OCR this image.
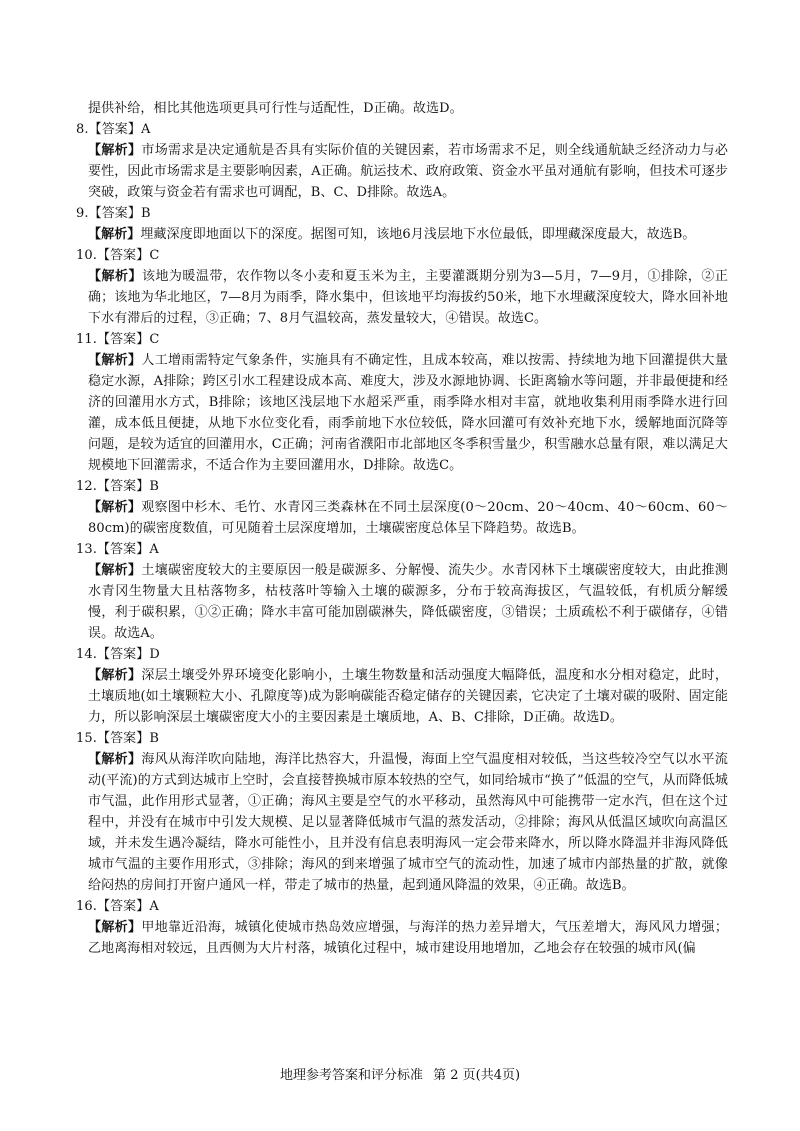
提供补给，相比其他选项更具可行性与适配性，D正确。故选D。

8.【答案】A

【解析】市场需求是决定通航是否具有实际价值的关键因素，若市场需求不足，则全线通航缺乏经济动力与必要性，因此市场需求是主要影响因素，A正确。航运技术、政府政策、资金水平虽对通航有影响，但技术可逐步突破，政策与资金若有需求也可调配，B、C、D排除。故选A。

9.【答案】B

【解析】埋藏深度即地面以下的深度。据图可知，该地6月浅层地下水位最低，即埋藏深度最大，故选B。

10.【答案】C

【解析】该地为暖温带，农作物以冬小麦和夏玉米为主，主要灌溉期分别为3—5月，7—9月，①排除，②正确；该地为华北地区，7—8月为雨季，降水集中，但该地平均海拔约50米，地下水埋藏深度较大，降水回补地下水有滞后的过程，③正确；7、8月气温较高，蒸发量较大，④错误。故选C。

11.【答案】C

【解析】人工增雨需特定气象条件，实施具有不确定性，且成本较高，难以按需、持续地为地下回灌提供大量稳定水源，A排除；跨区引水工程建设成本高、难度大，涉及水源地协调、长距离输水等问题，并非最便捷和经济的回灌用水方式，B排除；该地区浅层地下水超采严重，雨季降水相对丰富，就地收集利用雨季降水进行回灌，成本低且便捷，从地下水位变化看，雨季前地下水位较低，降水回灌可有效补充地下水，缓解地面沉降等问题，是较为适宜的回灌用水，C正确；河南省濮阳市北部地区冬季积雪量少，积雪融水总量有限，难以满足大规模地下回灌需求，不适合作为主要回灌用水，D排除。故选C。

12.【答案】B

【解析】观察图中杉木、毛竹、水青冈三类森林在不同土层深度(0～20cm、20～40cm、40～60cm、60～80cm)的碳密度数值，可见随着土层深度增加，土壤碳密度总体呈下降趋势。故选B。

13.【答案】A

【解析】土壤碳密度较大的主要原因一般是碳源多、分解慢、流失少。水青冈林下土壤碳密度较大，由此推测水青冈生物量大且枯落物多，枯枝落叶等输入土壤的碳源多，分布于较高海拔区，气温较低，有机质分解缓慢，利于碳积累，①②正确；降水丰富可能加剧碳淋失，降低碳密度，③错误；土质疏松不利于碳储存，④错误。故选A。

14.【答案】D

【解析】深层土壤受外界环境变化影响小，土壤生物数量和活动强度大幅降低，温度和水分相对稳定，此时，土壤质地(如土壤颗粒大小、孔隙度等)成为影响碳能否稳定储存的关键因素，它决定了土壤对碳的吸附、固定能力，所以影响深层土壤碳密度大小的主要因素是土壤质地，A、B、C排除，D正确。故选D。

15.【答案】B

【解析】海风从海洋吹向陆地，海洋比热容大，升温慢，海面上空气温度相对较低，当这些较冷空气以水平流动(平流)的方式到达城市上空时，会直接替换城市原本较热的空气，如同给城市“换了”低温的空气，从而降低城市气温，此作用形式显著，①正确；海风主要是空气的水平移动，虽然海风中可能携带一定水汽，但在这个过程中，并没有在城市中引发大规模、足以显著降低城市气温的蒸发活动，②排除；海风从低温区域吹向高温区域，并未发生遇冷凝结，降水可能性小，且并没有信息表明海风一定会带来降水，所以降水降温并非海风降低城市气温的主要作用形式，③排除；海风的到来增强了城市空气的流动性，加速了城市内部热量的扩散，就像给闷热的房间打开窗户通风一样，带走了城市的热量，起到通风降温的效果，④正确。故选B。

16.【答案】A

【解析】甲地靠近沿海，城镇化使城市热岛效应增强，与海洋的热力差异增大，气压差增大，海风风力增强；乙地离海相对较远，且西侧为大片村落，城镇化过程中，城市建设用地增加，乙地会存在较强的城市风(偏

地理参考答案和评分标准 第 2 页(共4页)
